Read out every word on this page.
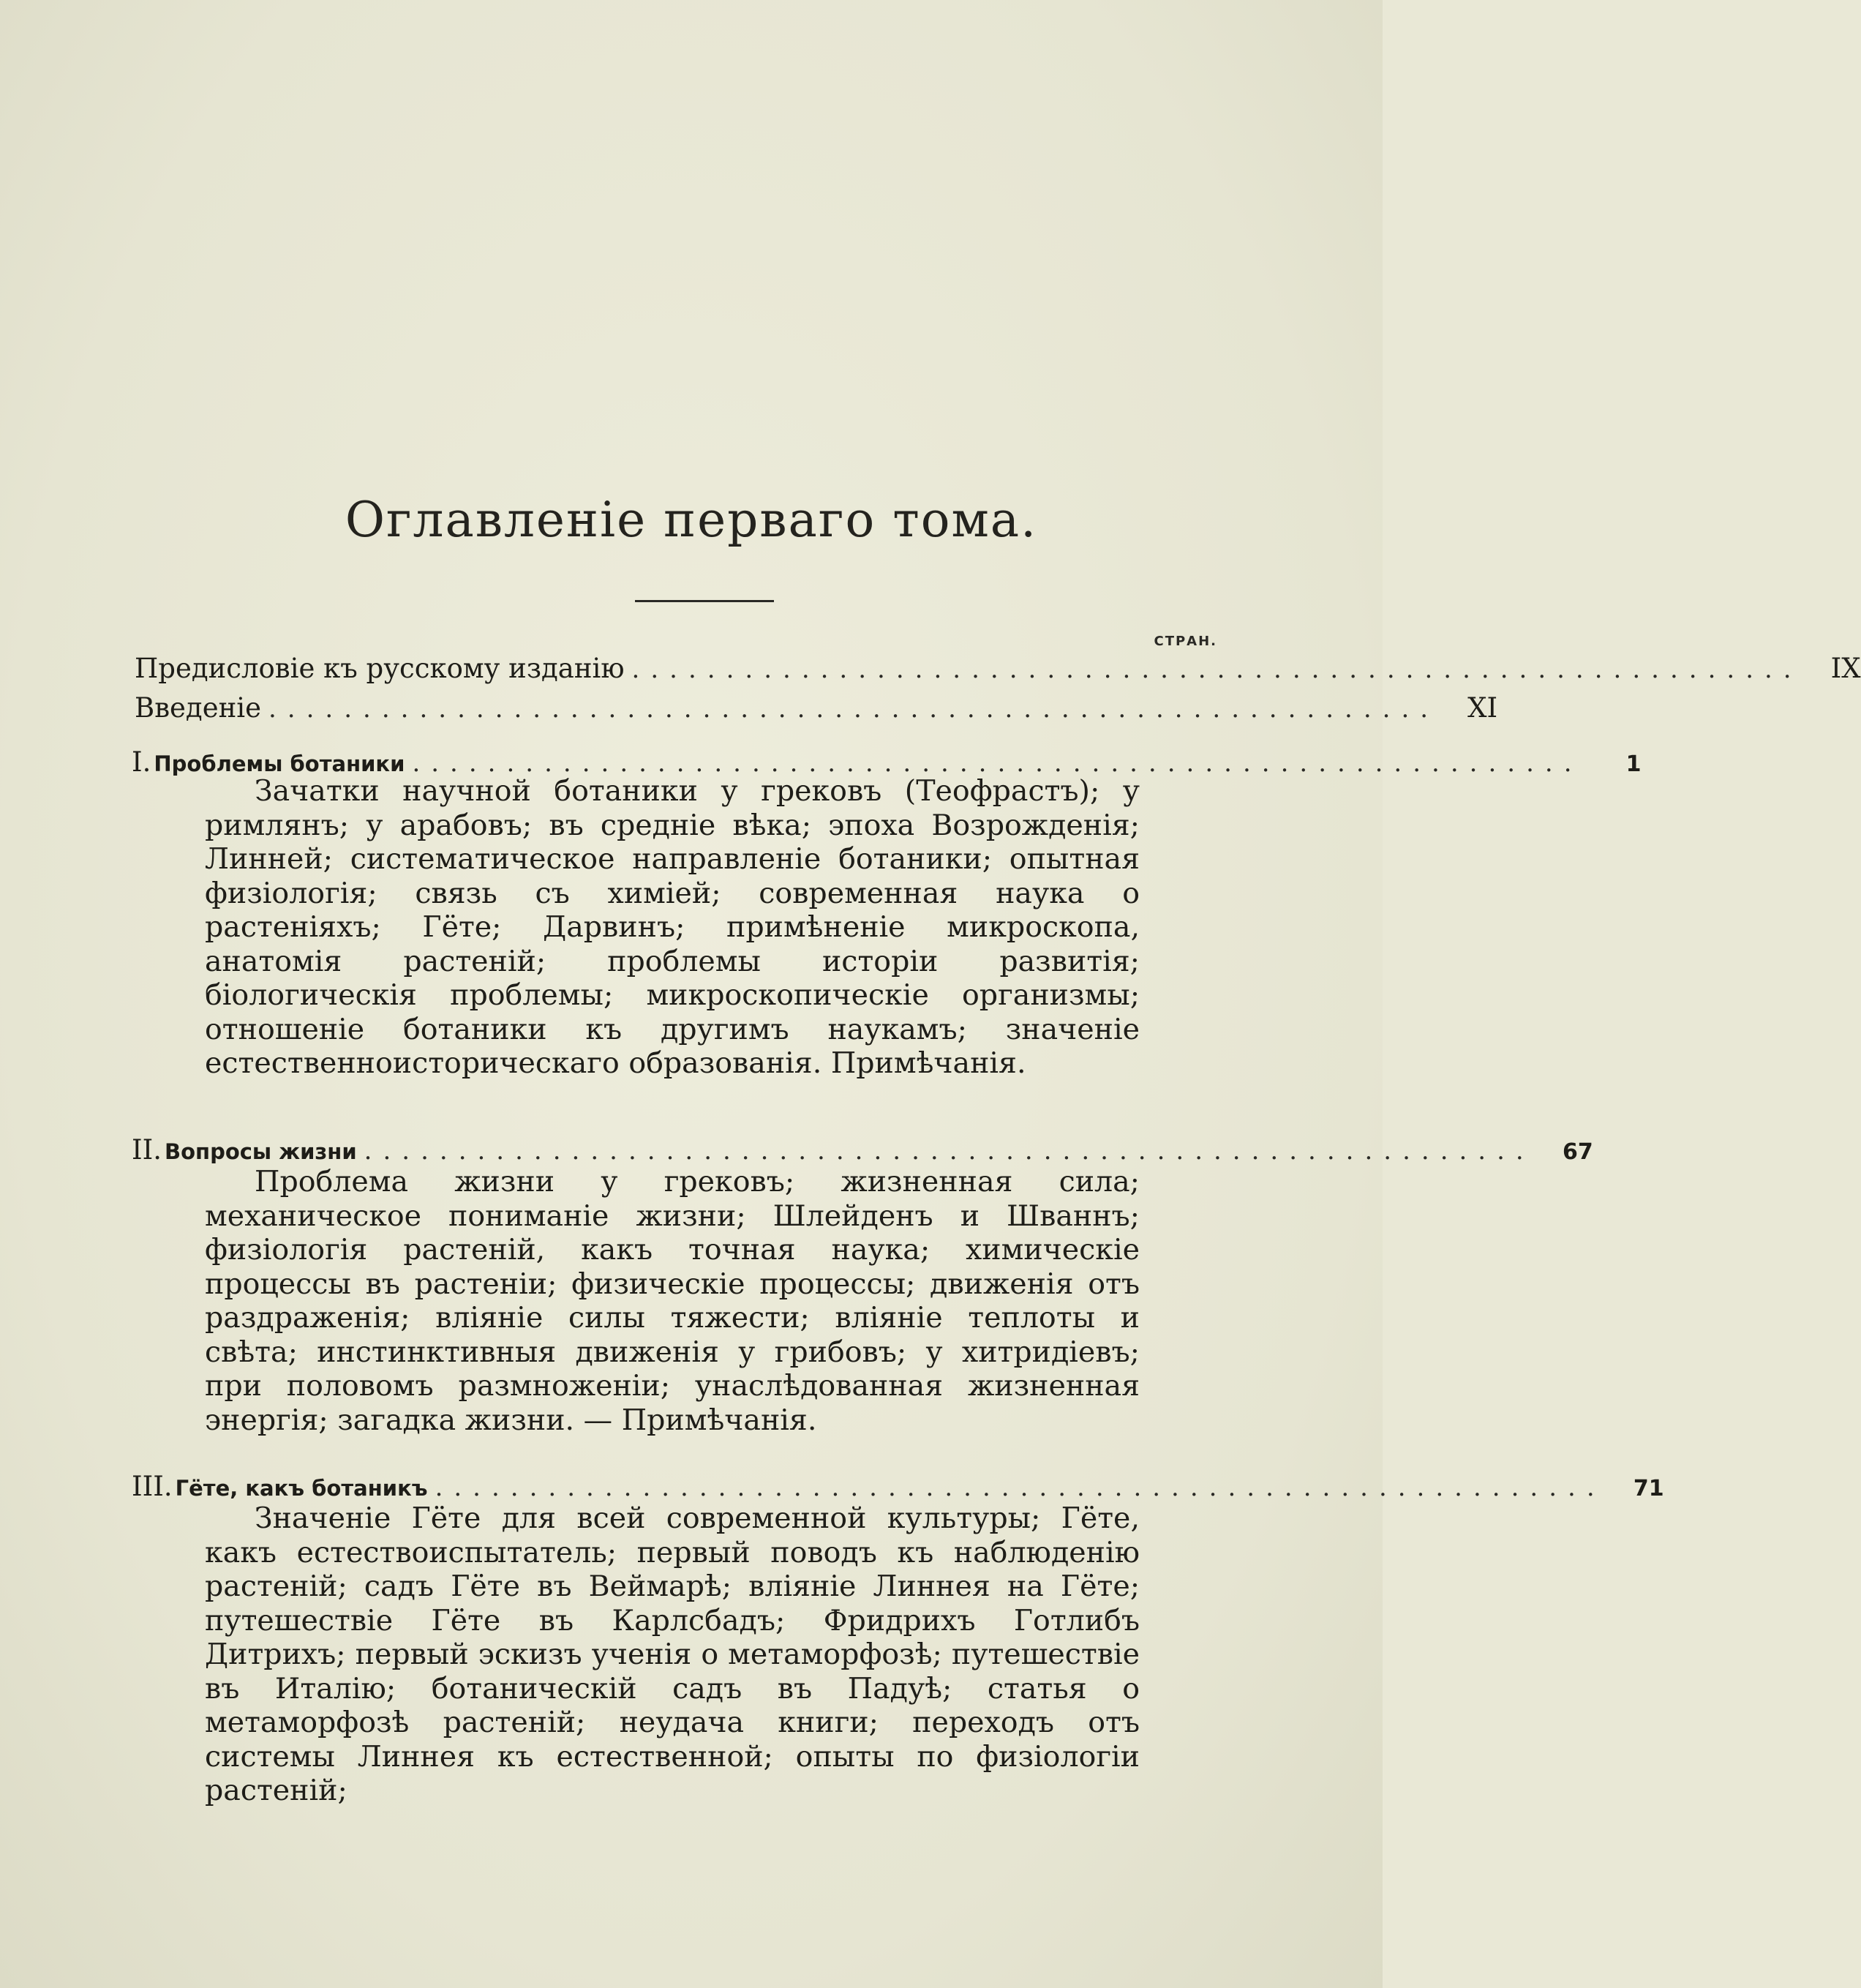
Оглавленіе перваго тома.
СТРАН.
Предисловіе къ русскому изданію ..............................................................	IX
Введеніе ..............................................................	XI
I. Проблемы ботаники ..............................................................	1

Зачатки научной ботаники у грековъ (Теофрастъ); у римлянъ; у арабовъ; въ средніе вѣка; эпоха Возрожденія; Линней; систематическое направленіе ботаники; опытная физіологія; связь съ химіей; современная наука о растеніяхъ; Гёте; Дарвинъ; примѣненіе микроскопа, анатомія растеній; проблемы исторіи развитія; біологическія проблемы; микроскопическіе организмы; отношеніе ботаники къ другимъ наукамъ; значеніе естественноисторическаго образованія. Примѣчанія.

II. Вопросы жизни ..............................................................	67

Проблема жизни у грековъ; жизненная сила; механическое пониманіе жизни; Шлейденъ и Шваннъ; физіологія растеній, какъ точная наука; химическіе процессы въ растеніи; физическіе процессы; движенія отъ раздраженія; вліяніе силы тяжести; вліяніе теплоты и свѣта; инстинктивныя движенія у грибовъ; у хитридіевъ; при половомъ размноженіи; унаслѣдованная жизненная энергія; загадка жизни. — Примѣчанія.

III. Гёте, какъ ботаникъ ..............................................................	71

Значеніе Гёте для всей современной культуры; Гёте, какъ естествоиспытатель; первый поводъ къ наблюденію растеній; садъ Гёте въ Веймарѣ; вліяніе Линнея на Гёте; путешествіе Гёте въ Карлсбадъ; Фридрихъ Готлибъ Дитрихъ; первый эскизъ ученія о метаморфозѣ; путешествіе въ Италію; ботаническій садъ въ Падуѣ; статья о метаморфозѣ растеній; неудача книги; переходъ отъ системы Линнея къ естественной; опыты по физіологіи растеній;
